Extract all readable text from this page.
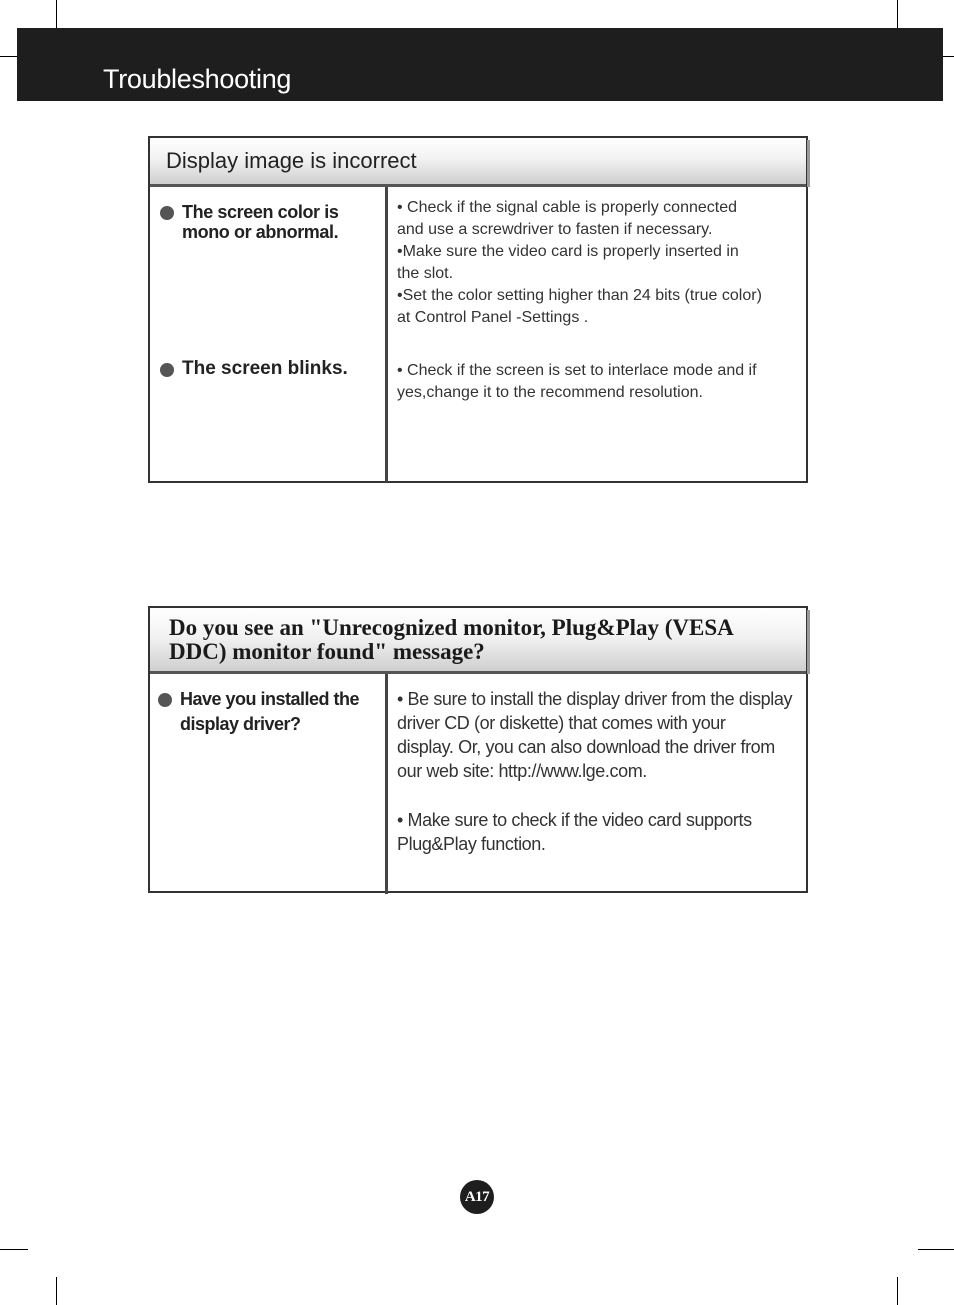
Troubleshooting
Display image is incorrect
The screen color is
mono or abnormal.
• Check if the signal cable is properly connected
and use a screwdriver to fasten if necessary.
•Make sure the video card is properly inserted in
the slot.
•Set the color setting higher than 24 bits (true color)
at Control Panel -Settings .
The screen blinks.	• Check if the screen is set to interlace mode and if
yes,change it to the recommend resolution.
Do you see an "Unrecognized monitor, Plug&Play (VESA
DDC) monitor found" message?
Have you installed the
display driver?
• Be sure to install the display driver from the display
driver CD (or diskette) that comes with your
display. Or, you can also download the driver from
our web site: http://www.lge.com.
• Make sure to check if the video card supports
Plug&Play function.
A17
